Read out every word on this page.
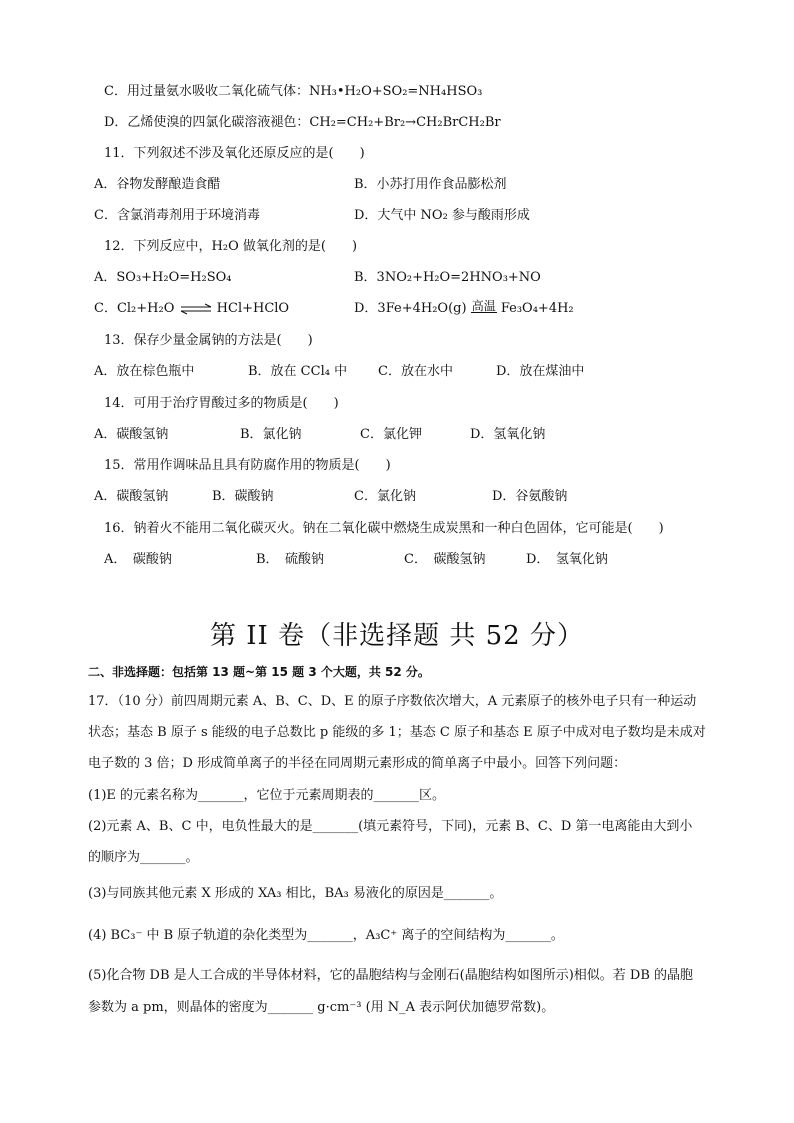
C．用过量氨水吸收二氧化硫气体：NH₃•H₂O+SO₂=NH₄HSO₃
D．乙烯使溴的四氯化碳溶液褪色：CH₂=CH₂+Br₂→CH₂BrCH₂Br
11．下列叙述不涉及氧化还原反应的是(　　)
A．谷物发酵酿造食醋	B．小苏打用作食品膨松剂
C．含氯消毒剂用于环境消毒	D．大气中 NO₂ 参与酸雨形成
12．下列反应中，H₂O 做氧化剂的是(　　)
A．SO₃+H₂O=H₂SO₄	B．3NO₂+H₂O=2HNO₃+NO
C．Cl₂+H₂O ⇌ HCl+HClO	D．3Fe+4H₂O(g) 高温 Fe₃O₄+4H₂
13．保存少量金属钠的方法是(　　)
A．放在棕色瓶中	B．放在 CCl₄ 中 C．放在水中	D．放在煤油中
14．可用于治疗胃酸过多的物质是(　　)
A．碳酸氢钠	B．氯化钠	C．氯化钾	D．氢氧化钠
15．常用作调味品且具有防腐作用的物质是(　　)
A．碳酸氢钠	B．碳酸钠	C．氯化钠	D．谷氨酸钠
16．钠着火不能用二氧化碳灭火。钠在二氧化碳中燃烧生成炭黑和一种白色固体，它可能是(　　)
A．　碳酸钠	B．　硫酸钠	C．　碳酸氢钠	D．　氢氧化钠
第 II 卷（非选择题 共 52 分）
二、非选择题：包括第 13 题~第 15 题 3 个大题，共 52 分。
17．（10 分）前四周期元素 A、B、C、D、E 的原子序数依次增大，A 元素原子的核外电子只有一种运动
状态；基态 B 原子 s 能级的电子总数比 p 能级的多 1；基态 C 原子和基态 E 原子中成对电子数均是未成对
电子数的 3 倍；D 形成简单离子的半径在同周期元素形成的简单离子中最小。回答下列问题：
(1)E 的元素名称为_______，它位于元素周期表的_______区。
(2)元素 A、B、C 中，电负性最大的是_______(填元素符号，下同)，元素 B、C、D 第一电离能由大到小
的顺序为_______。
(3)与同族其他元素 X 形成的 XA₃ 相比，BA₃ 易液化的原因是_______。
(4) BC₃⁻ 中 B 原子轨道的杂化类型为_______，A₃C⁺ 离子的空间结构为_______。
(5)化合物 DB 是人工合成的半导体材料，它的晶胞结构与金刚石(晶胞结构如图所示)相似。若 DB 的晶胞
参数为 a pm，则晶体的密度为_______ g·cm⁻³ (用 N_A 表示阿伏加德罗常数)。
